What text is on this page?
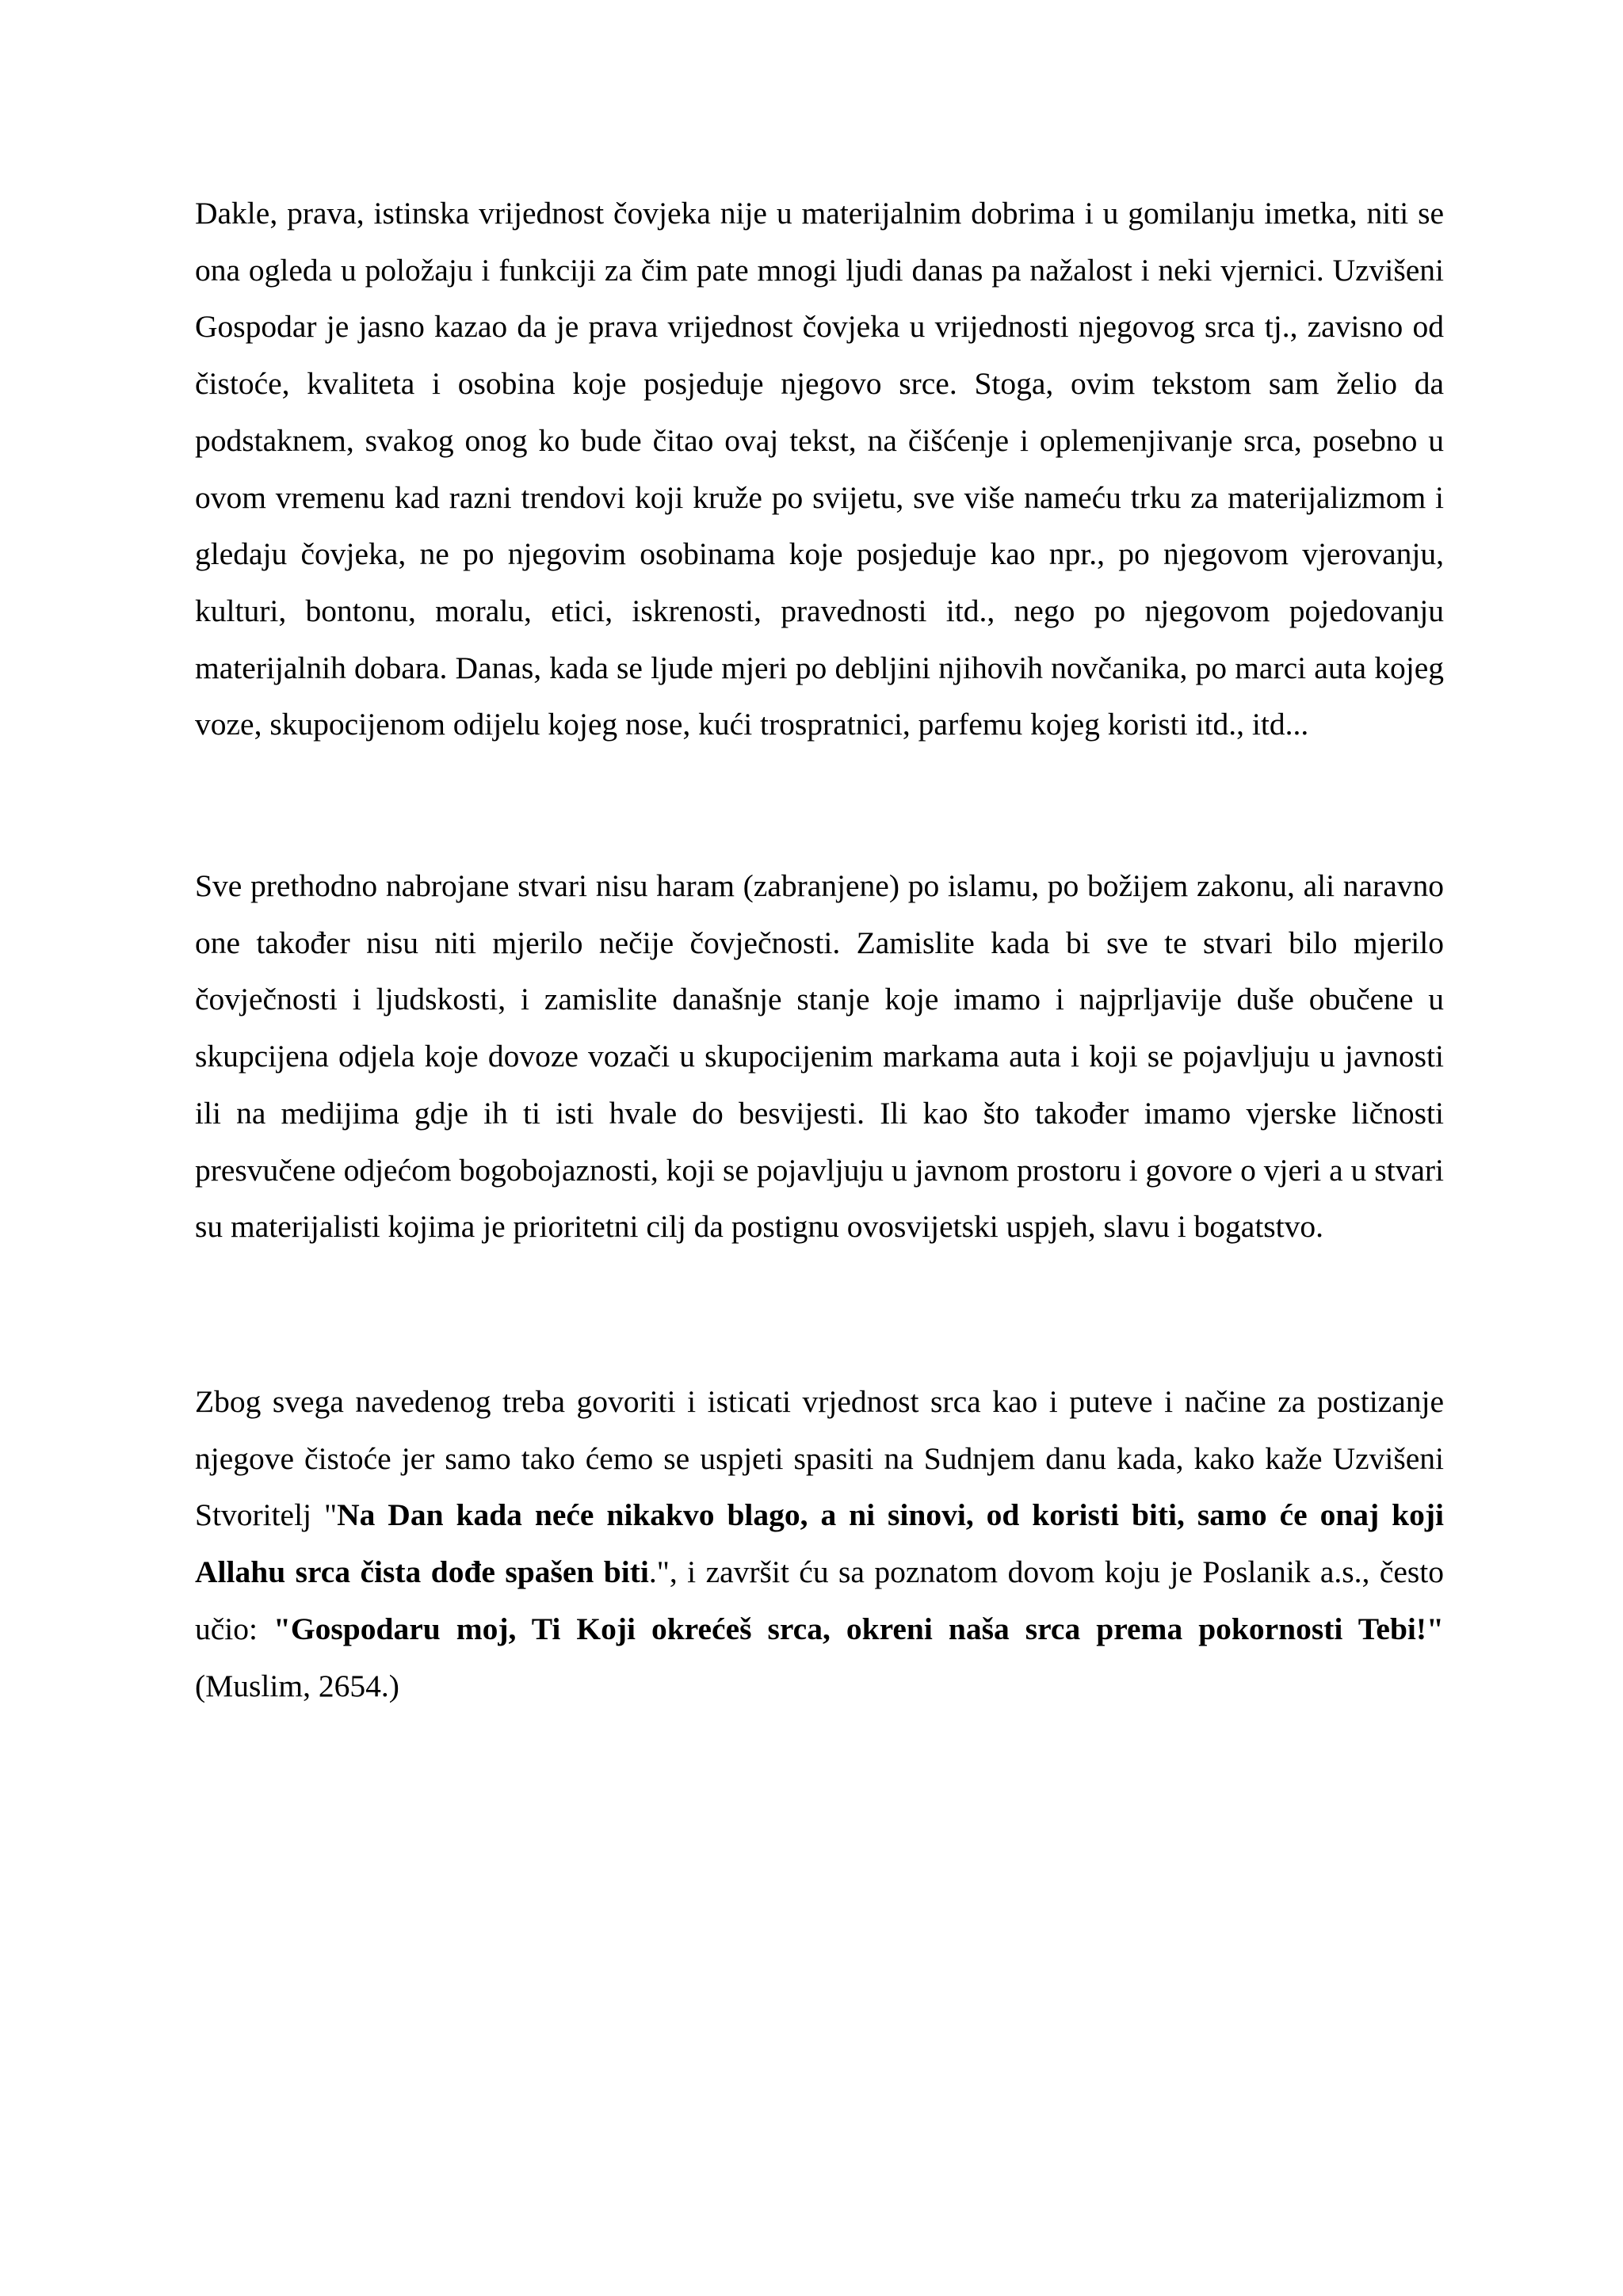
Dakle, prava, istinska vrijednost čovjeka nije u materijalnim dobrima i u gomilanju imetka, niti se ona ogleda u položaju i funkciji za čim pate mnogi ljudi danas pa nažalost i neki vjernici. Uzvišeni Gospodar je jasno kazao da je prava vrijednost čovjeka u vrijednosti njegovog srca tj., zavisno od čistoće, kvaliteta i osobina koje posjeduje njegovo srce. Stoga, ovim tekstom sam želio da podstaknem, svakog onog ko bude čitao ovaj tekst, na čišćenje i oplemenjivanje srca, posebno u ovom vremenu kad razni trendovi koji kruže po svijetu, sve više nameću trku za materijalizmom i gledaju čovjeka, ne po njegovim osobinama koje posjeduje kao npr., po njegovom vjerovanju, kulturi, bontonu, moralu, etici, iskrenosti, pravednosti itd., nego po njegovom pojedovanju materijalnih dobara. Danas, kada se ljude mjeri po debljini njihovih novčanika, po marci auta kojeg voze, skupocijenom odijelu kojeg nose, kući trospratnici, parfemu kojeg koristi itd., itd...

Sve prethodno nabrojane stvari nisu haram (zabranjene) po islamu, po božijem zakonu, ali naravno one također nisu niti mjerilo nečije čovječnosti. Zamislite kada bi sve te stvari bilo mjerilo čovječnosti i ljudskosti, i zamislite današnje stanje koje imamo i najprljavije duše obučene u skupcijena odjela koje dovoze vozači u skupocijenim markama auta i koji se pojavljuju u javnosti ili na medijima gdje ih ti isti hvale do besvijesti. Ili kao što također imamo vjerske ličnosti presvučene odjećom bogobojaznosti, koji se pojavljuju u javnom prostoru i govore o vjeri a u stvari su materijalisti kojima je prioritetni cilj da postignu ovosvijetski uspjeh, slavu i bogatstvo.

Zbog svega navedenog treba govoriti i isticati vrjednost srca kao i puteve i načine za postizanje njegove čistoće jer samo tako ćemo se uspjeti spasiti na Sudnjem danu kada, kako kaže Uzvišeni Stvoritelj "Na Dan kada neće nikakvo blago, a ni sinovi, od koristi biti, samo će onaj koji Allahu srca čista dođe spašen biti.", i završit ću sa poznatom dovom koju je Poslanik a.s., često učio: "Gospodaru moj, Ti Koji okrećeš srca, okreni naša srca prema pokornosti Tebi!" (Muslim, 2654.)
